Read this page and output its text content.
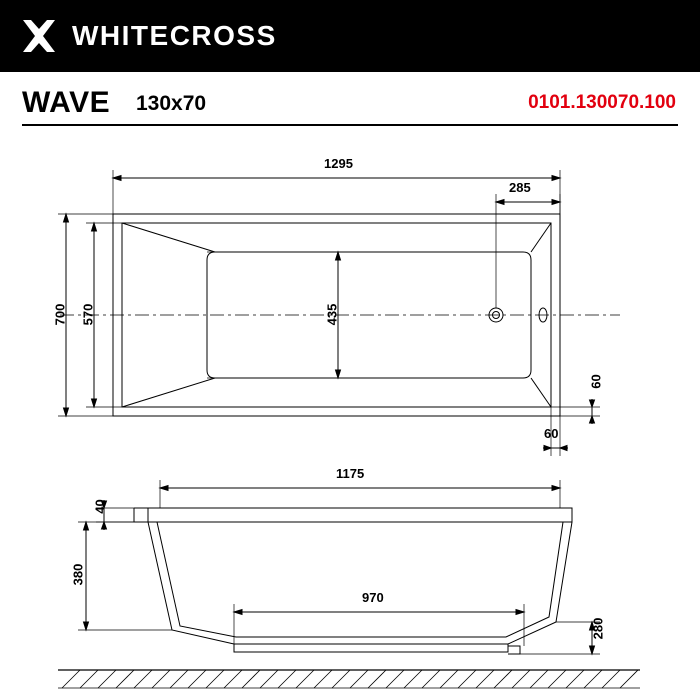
WHITECROSS
WAVE 130x70	0101.130070.100
1295
285
700 570	435
60
60
40
1175
380
970
280
